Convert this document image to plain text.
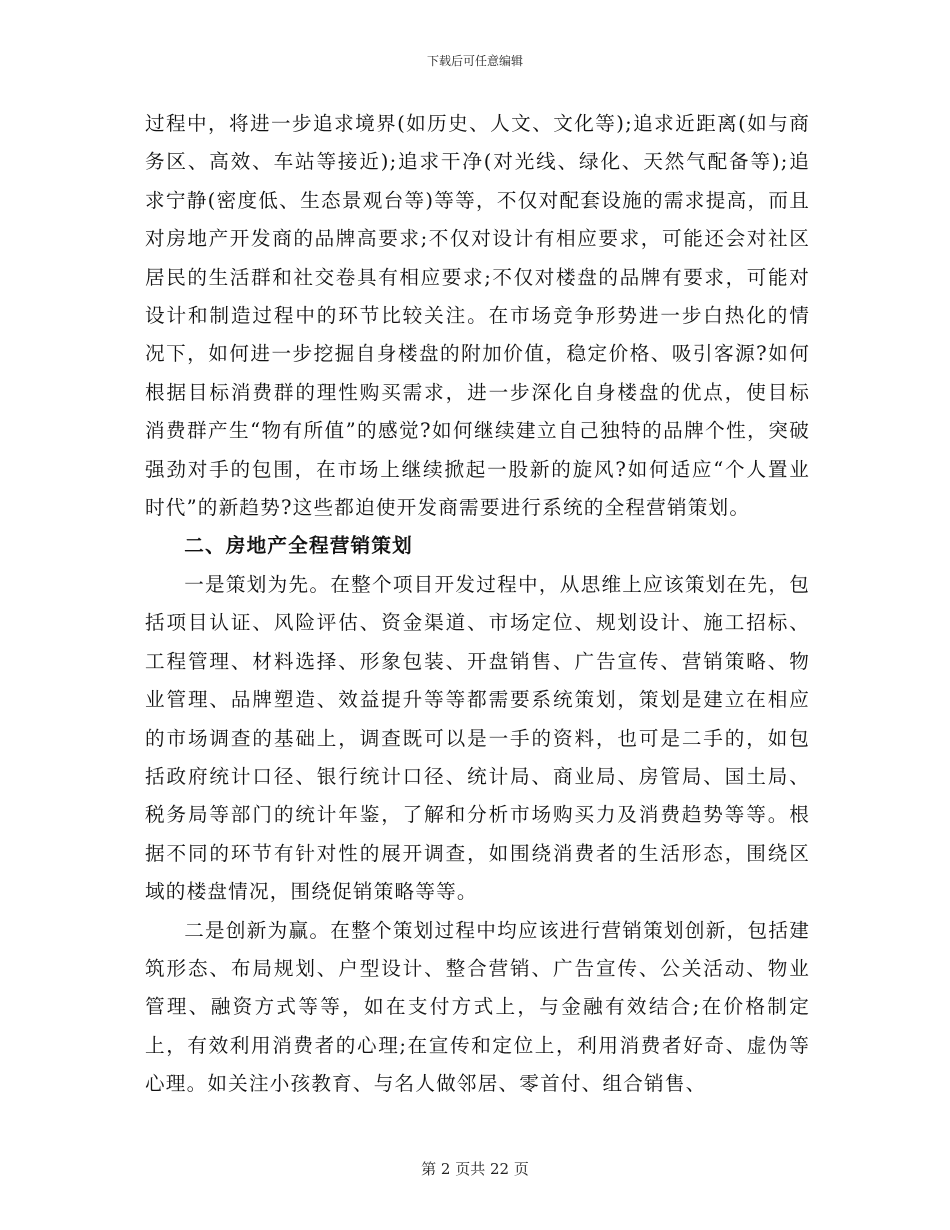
下载后可任意编辑

过程中，将进一步追求境界(如历史、人文、文化等);追求近距离(如与商务区、高效、车站等接近);追求干净(对光线、绿化、天然气配备等);追求宁静(密度低、生态景观台等)等等，不仅对配套设施的需求提高，而且对房地产开发商的品牌高要求;不仅对设计有相应要求，可能还会对社区居民的生活群和社交卷具有相应要求;不仅对楼盘的品牌有要求，可能对设计和制造过程中的环节比较关注。在市场竞争形势进一步白热化的情况下，如何进一步挖掘自身楼盘的附加价值，稳定价格、吸引客源?如何根据目标消费群的理性购买需求，进一步深化自身楼盘的优点，使目标消费群产生“物有所值”的感觉?如何继续建立自己独特的品牌个性，突破强劲对手的包围，在市场上继续掀起一股新的旋风?如何适应“个人置业时代”的新趋势?这些都迫使开发商需要进行系统的全程营销策划。

二、房地产全程营销策划

一是策划为先。在整个项目开发过程中，从思维上应该策划在先，包括项目认证、风险评估、资金渠道、市场定位、规划设计、施工招标、工程管理、材料选择、形象包装、开盘销售、广告宣传、营销策略、物业管理、品牌塑造、效益提升等等都需要系统策划，策划是建立在相应的市场调查的基础上，调查既可以是一手的资料，也可是二手的，如包括政府统计口径、银行统计口径、统计局、商业局、房管局、国土局、税务局等部门的统计年鉴，了解和分析市场购买力及消费趋势等等。根据不同的环节有针对性的展开调查，如围绕消费者的生活形态，围绕区域的楼盘情况，围绕促销策略等等。

二是创新为赢。在整个策划过程中均应该进行营销策划创新，包括建筑形态、布局规划、户型设计、整合营销、广告宣传、公关活动、物业管理、融资方式等等，如在支付方式上，与金融有效结合;在价格制定上，有效利用消费者的心理;在宣传和定位上，利用消费者好奇、虚伪等心理。如关注小孩教育、与名人做邻居、零首付、组合销售、

第 2 页共 22 页
